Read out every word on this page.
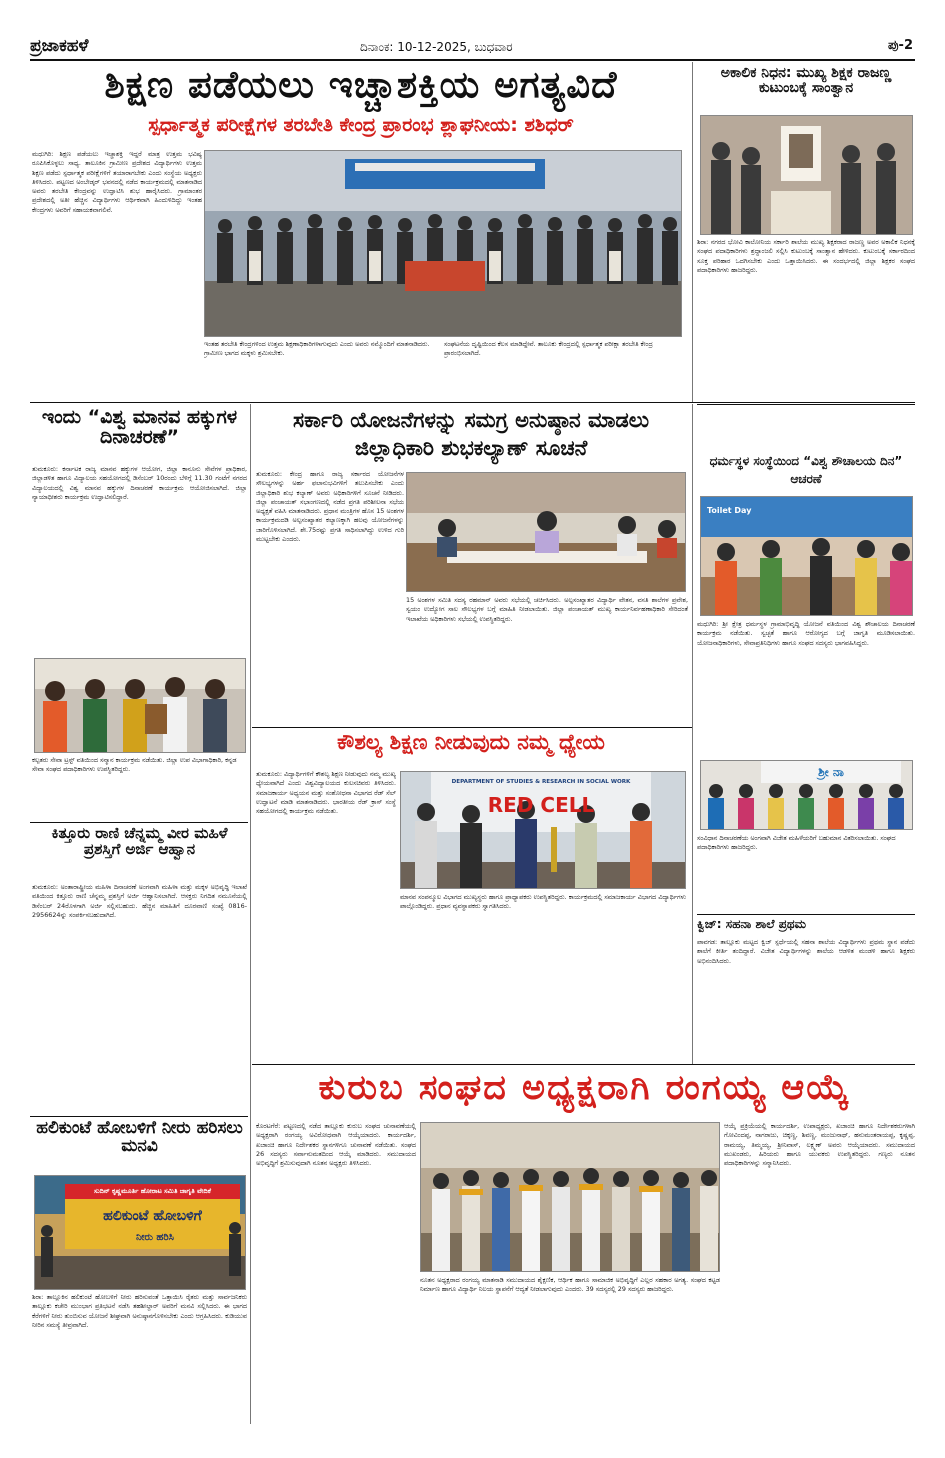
ಪ್ರಜಾಕಹಳೆ	ದಿನಾಂಕ: 10-12-2025, ಬುಧವಾರ	ಪು-2
ಶಿಕ್ಷಣ ಪಡೆಯಲು ಇಚ್ಚಾಶಕ್ತಿಯ ಅಗತ್ಯವಿದೆ
ಸ್ಪರ್ಧಾತ್ಮಕ ಪರೀಕ್ಷೆಗಳ ತರಬೇತಿ ಕೇಂದ್ರ ಪ್ರಾರಂಭ ಶ್ಲಾಘನೀಯ: ಶಶಿಧರ್
ಮಧುಗಿರಿ: ಶಿಕ್ಷಣ ಪಡೆಯಲು ಇಚ್ಚಾಶಕ್ತಿ ಇದ್ದರೆ ಮಾತ್ರ ಉತ್ತಮ ಭವಿಷ್ಯ ರೂಪಿಸಿಕೊಳ್ಳಲು ಸಾಧ್ಯ. ತಾಲೂಕಿನ ಗ್ರಾಮೀಣ ಪ್ರದೇಶದ ವಿದ್ಯಾರ್ಥಿಗಳು ಉತ್ತಮ ಶಿಕ್ಷಣ ಪಡೆದು ಸ್ಪರ್ಧಾತ್ಮಕ ಪರೀಕ್ಷೆಗಳಿಗೆ ತಯಾರಾಗಬೇಕು ಎಂದು ಸಂಸ್ಥೆಯ ಅಧ್ಯಕ್ಷರು ತಿಳಿಸಿದರು. ಪಟ್ಟಣದ ಅಂಬೇಡ್ಕರ್ ಭವನದಲ್ಲಿ ನಡೆದ ಕಾರ್ಯಕ್ರಮದಲ್ಲಿ ಮಾತನಾಡಿದ ಅವರು ತರಬೇತಿ ಕೇಂದ್ರವನ್ನು ಉದ್ಘಾಟಿಸಿ ಶುಭ ಹಾರೈಸಿದರು. ಗ್ರಾಮಾಂತರ ಪ್ರದೇಶದಲ್ಲಿ ಅತೀ ಹೆಚ್ಚಿನ ವಿದ್ಯಾರ್ಥಿಗಳು ಆರ್ಥಿಕವಾಗಿ ಹಿಂದುಳಿದಿದ್ದು ಇಂತಹ ಕೇಂದ್ರಗಳು ಅವರಿಗೆ ಸಹಾಯಕವಾಗಲಿವೆ.
ಇಂತಹ ತರಬೇತಿ ಕೇಂದ್ರಗಳಿಂದ ಉತ್ತಮ ಶಿಕ್ಷಣಾಧಿಕಾರಿಗಳಾಗುವುದು ಎಂದು ಅವರು ನಮ್ಮೊಂದಿಗೆ ಮಾತನಾಡಿದರು. ಗ್ರಾಮೀಣ ಭಾಗದ ಮಕ್ಕಳು ಶ್ರಮಿಸಬೇಕು.
ಸಂಘಟನೆಯ ದೃಷ್ಟಿಯಿಂದ ಕೆಲಸ ಮಾಡಿದ್ದೇವೆ. ತಾಲೂಕು ಕೇಂದ್ರದಲ್ಲಿ ಸ್ಪರ್ಧಾತ್ಮಕ ಪರೀಕ್ಷಾ ತರಬೇತಿ ಕೇಂದ್ರ ಪ್ರಾರಂಭಿಸಲಾಗಿದೆ.
ಅಕಾಲಿಕ ನಿಧನ: ಮುಖ್ಯ ಶಿಕ್ಷಕ ರಾಜಣ್ಣ ಕುಟುಂಬಕ್ಕೆ ಸಾಂತ್ವಾನ
ಶಿರಾ: ನಗರದ ಭೋವಿ ಕಾಲೋನಿಯ ಸರ್ಕಾರಿ ಶಾಲೆಯ ಮುಖ್ಯ ಶಿಕ್ಷಕರಾದ ರಾಜಣ್ಣ ಅವರ ಅಕಾಲಿಕ ನಿಧನಕ್ಕೆ ಸಂಘದ ಪದಾಧಿಕಾರಿಗಳು ಶ್ರದ್ಧಾಂಜಲಿ ಸಲ್ಲಿಸಿ ಕುಟುಂಬಕ್ಕೆ ಸಾಂತ್ವಾನ ಹೇಳಿದರು. ಕುಟುಂಬಕ್ಕೆ ಸರ್ಕಾರದಿಂದ ಸೂಕ್ತ ಪರಿಹಾರ ಒದಗಿಸಬೇಕು ಎಂದು ಒತ್ತಾಯಿಸಿದರು. ಈ ಸಂದರ್ಭದಲ್ಲಿ ಜಿಲ್ಲಾ ಶಿಕ್ಷಕರ ಸಂಘದ ಪದಾಧಿಕಾರಿಗಳು ಹಾಜರಿದ್ದರು.
ಇಂದು “ವಿಶ್ವ ಮಾನವ ಹಕ್ಕುಗಳ ದಿನಾಚರಣೆ”
ತುಮಕೂರು: ಕರ್ನಾಟಕ ರಾಜ್ಯ ಮಾನವ ಹಕ್ಕುಗಳ ಆಯೋಗ, ಜಿಲ್ಲಾ ಕಾನೂನು ಸೇವೆಗಳ ಪ್ರಾಧಿಕಾರ, ಜಿಲ್ಲಾಡಳಿತ ಹಾಗೂ ವಿದ್ಯಾಲಯ ಸಹಯೋಗದಲ್ಲಿ ಡಿಸೆಂಬರ್ 10ರಂದು ಬೆಳಿಗ್ಗೆ 11.30 ಗಂಟೆಗೆ ನಗರದ ವಿದ್ಯಾಲಯದಲ್ಲಿ ವಿಶ್ವ ಮಾನವ ಹಕ್ಕುಗಳ ದಿನಾಚರಣೆ ಕಾರ್ಯಕ್ರಮ ಆಯೋಜಿಸಲಾಗಿದೆ. ಜಿಲ್ಲಾ ನ್ಯಾಯಾಧೀಶರು ಕಾರ್ಯಕ್ರಮ ಉದ್ಘಾಟಿಸಲಿದ್ದಾರೆ.
ಕಲ್ಪತರು ಸೇವಾ ಟ್ರಸ್ಟ್ ವತಿಯಿಂದ ಸನ್ಮಾನ ಕಾರ್ಯಕ್ರಮ ನಡೆಯಿತು. ಜಿಲ್ಲಾ ಉಪ ವಿಭಾಗಾಧಿಕಾರಿ, ಕನ್ನಡ ಸೇವಾ ಸಂಘದ ಪದಾಧಿಕಾರಿಗಳು ಉಪಸ್ಥಿತರಿದ್ದರು.
ಕಿತ್ತೂರು ರಾಣಿ ಚೆನ್ನಮ್ಮ ವೀರ ಮಹಿಳೆ ಪ್ರಶಸ್ತಿಗೆ ಅರ್ಜಿ ಆಹ್ವಾನ
ತುಮಕೂರು: ಅಂತಾರಾಷ್ಟ್ರೀಯ ಮಹಿಳಾ ದಿನಾಚರಣೆ ಅಂಗವಾಗಿ ಮಹಿಳಾ ಮತ್ತು ಮಕ್ಕಳ ಅಭಿವೃದ್ಧಿ ಇಲಾಖೆ ವತಿಯಿಂದ ಕಿತ್ತೂರು ರಾಣಿ ಚೆನ್ನಮ್ಮ ಪ್ರಶಸ್ತಿಗೆ ಅರ್ಜಿ ಆಹ್ವಾನಿಸಲಾಗಿದೆ. ಆಸಕ್ತರು ನಿಗದಿತ ನಮೂನೆಯಲ್ಲಿ ಡಿಸೆಂಬರ್ 24ರೊಳಗಾಗಿ ಅರ್ಜಿ ಸಲ್ಲಿಸಬಹುದು. ಹೆಚ್ಚಿನ ಮಾಹಿತಿಗೆ ದೂರವಾಣಿ ಸಂಖ್ಯೆ 0816-2956624ನ್ನು ಸಂಪರ್ಕಿಸಬಹುದಾಗಿದೆ.
ಹಲಿಕುಂಟೆ ಹೋಬಳಿಗೆ ನೀರು ಹರಿಸಲು ಮನವಿ
ಸುದಿನ್‌ ಕೃಷ್ಣಮೂರ್ತಿ ಹೋರಾಟ ಸಮಿತಿ ಜಾಗೃತಿ ವೇದಿಕೆ
ಹಲಿಕುಂಟೆ ಹೋಬಳಿಗೆ
ನೀರು ಹರಿಸಿ
ಶಿರಾ: ತಾಲ್ಲೂಕಿನ ಹಲಿಕುಂಟೆ ಹೋಬಳಿಗೆ ನೀರು ಹರಿಸುವಂತೆ ಒತ್ತಾಯಿಸಿ ರೈತರು ಮತ್ತು ಸಾರ್ವಜನಿಕರು ತಾಲ್ಲೂಕು ಕಚೇರಿ ಮುಂಭಾಗ ಪ್ರತಿಭಟನೆ ನಡೆಸಿ ತಹಶೀಲ್ದಾರ್ ಅವರಿಗೆ ಮನವಿ ಸಲ್ಲಿಸಿದರು. ಈ ಭಾಗದ ಕೆರೆಗಳಿಗೆ ನೀರು ತುಂಬಿಸುವ ಯೋಜನೆ ಶೀಘ್ರವಾಗಿ ಅನುಷ್ಠಾನಗೊಳಿಸಬೇಕು ಎಂದು ಆಗ್ರಹಿಸಿದರು. ಕುಡಿಯುವ ನೀರಿನ ಸಮಸ್ಯೆ ತೀವ್ರವಾಗಿದೆ.
ಸರ್ಕಾರಿ ಯೋಜನೆಗಳನ್ನು ಸಮಗ್ರ ಅನುಷ್ಠಾನ ಮಾಡಲು ಜಿಲ್ಲಾಧಿಕಾರಿ ಶುಭಕಲ್ಯಾಣ್ ಸೂಚನೆ
ತುಮಕೂರು: ಕೇಂದ್ರ ಹಾಗೂ ರಾಜ್ಯ ಸರ್ಕಾರದ ಯೋಜನೆಗಳ ಸೌಲಭ್ಯಗಳನ್ನು ಅರ್ಹ ಫಲಾನುಭವಿಗಳಿಗೆ ತಲುಪಿಸಬೇಕು ಎಂದು ಜಿಲ್ಲಾಧಿಕಾರಿ ಶುಭ ಕಲ್ಯಾಣ್ ಅವರು ಅಧಿಕಾರಿಗಳಿಗೆ ಸೂಚನೆ ನೀಡಿದರು. ಜಿಲ್ಲಾ ಪಂಚಾಯತ್ ಸಭಾಂಗಣದಲ್ಲಿ ನಡೆದ ಪ್ರಗತಿ ಪರಿಶೀಲನಾ ಸಭೆಯ ಅಧ್ಯಕ್ಷತೆ ವಹಿಸಿ ಮಾತನಾಡಿದರು. ಪ್ರಧಾನ ಮಂತ್ರಿಗಳ ಹೊಸ 15 ಅಂಶಗಳ ಕಾರ್ಯಕ್ರಮದಡಿ ಅಲ್ಪಸಂಖ್ಯಾತರ ಕಲ್ಯಾಣಕ್ಕಾಗಿ ಹಲವು ಯೋಜನೆಗಳನ್ನು ಜಾರಿಗೊಳಿಸಲಾಗಿದೆ. ಶೇ.75ರಷ್ಟು ಪ್ರಗತಿ ಸಾಧಿಸಲಾಗಿದ್ದು ಉಳಿದ ಗುರಿ ಮುಟ್ಟಬೇಕು ಎಂದರು.
15 ಅಂಶಗಳ ಸಮಿತಿ ಸದಸ್ಯ ರಹಮಾನ್ ಅವರು ಸಭೆಯಲ್ಲಿ ಚರ್ಚಿಸಿದರು. ಅಲ್ಪಸಂಖ್ಯಾತರ ವಿದ್ಯಾರ್ಥಿ ವೇತನ, ವಸತಿ ಶಾಲೆಗಳ ಪ್ರವೇಶ, ಸ್ವಯಂ ಉದ್ಯೋಗ ಸಾಲ ಸೌಲಭ್ಯಗಳ ಬಗ್ಗೆ ಮಾಹಿತಿ ನೀಡಲಾಯಿತು. ಜಿಲ್ಲಾ ಪಂಚಾಯತ್ ಮುಖ್ಯ ಕಾರ್ಯನಿರ್ವಹಣಾಧಿಕಾರಿ ಸೇರಿದಂತೆ ಇಲಾಖೆಯ ಅಧಿಕಾರಿಗಳು ಸಭೆಯಲ್ಲಿ ಉಪಸ್ಥಿತರಿದ್ದರು.
ಕೌಶಲ್ಯ ಶಿಕ್ಷಣ ನೀಡುವುದು ನಮ್ಮ ಧ್ಯೇಯ
ತುಮಕೂರು: ವಿದ್ಯಾರ್ಥಿಗಳಿಗೆ ಕೌಶಲ್ಯ ಶಿಕ್ಷಣ ನೀಡುವುದು ನಮ್ಮ ಮುಖ್ಯ ಧ್ಯೇಯವಾಗಿದೆ ಎಂದು ವಿಶ್ವವಿದ್ಯಾಲಯದ ಕುಲಸಚಿವರು ತಿಳಿಸಿದರು. ಸಮಾಜಕಾರ್ಯ ಅಧ್ಯಯನ ಮತ್ತು ಸಂಶೋಧನಾ ವಿಭಾಗದ ರೆಡ್ ಸೆಲ್ ಉದ್ಘಾಟನೆ ಮಾಡಿ ಮಾತನಾಡಿದರು. ಭಾರತೀಯ ರೆಡ್ ಕ್ರಾಸ್ ಸಂಸ್ಥೆ ಸಹಯೋಗದಲ್ಲಿ ಕಾರ್ಯಕ್ರಮ ನಡೆಯಿತು.
DEPARTMENT OF STUDIES & RESEARCH IN SOCIAL WORK
RED CELL
ಮಾನವ ಸಂಪನ್ಮೂಲ ವಿಭಾಗದ ಮುಖ್ಯಸ್ಥರು ಹಾಗೂ ಪ್ರಾಧ್ಯಾಪಕರು ಉಪಸ್ಥಿತರಿದ್ದರು. ಕಾರ್ಯಕ್ರಮದಲ್ಲಿ ಸಮಾಜಕಾರ್ಯ ವಿಭಾಗದ ವಿದ್ಯಾರ್ಥಿಗಳು ಪಾಲ್ಗೊಂಡಿದ್ದರು. ಪ್ರಧಾನ ವ್ಯವಸ್ಥಾಪಕರು ಸ್ವಾಗತಿಸಿದರು.
ಧರ್ಮಸ್ಥಳ ಸಂಸ್ಥೆಯಿಂದ “ವಿಶ್ವ ಶೌಚಾಲಯ ದಿನ” ಆಚರಣೆ
Toilet Day
ಮಧುಗಿರಿ: ಶ್ರೀ ಕ್ಷೇತ್ರ ಧರ್ಮಸ್ಥಳ ಗ್ರಾಮಾಭಿವೃದ್ಧಿ ಯೋಜನೆ ವತಿಯಿಂದ ವಿಶ್ವ ಶೌಚಾಲಯ ದಿನಾಚರಣೆ ಕಾರ್ಯಕ್ರಮ ನಡೆಯಿತು. ಸ್ವಚ್ಛತೆ ಹಾಗೂ ಆರೋಗ್ಯದ ಬಗ್ಗೆ ಜಾಗೃತಿ ಮೂಡಿಸಲಾಯಿತು. ಯೋಜನಾಧಿಕಾರಿಗಳು, ಸೇವಾಪ್ರತಿನಿಧಿಗಳು ಹಾಗೂ ಸಂಘದ ಸದಸ್ಯರು ಭಾಗವಹಿಸಿದ್ದರು.
ಶ್ರೀ ನಾ
ಸಂವಿಧಾನ ದಿನಾಚರಣೆಯ ಅಂಗವಾಗಿ ವಿಜೇತ ಮಹಿಳೆಯರಿಗೆ ಬಹುಮಾನ ವಿತರಿಸಲಾಯಿತು. ಸಂಘದ ಪದಾಧಿಕಾರಿಗಳು ಹಾಜರಿದ್ದರು.
ಕ್ವಿಜ್: ಸಹನಾ ಶಾಲೆ ಪ್ರಥಮ
ಪಾವಗಡ: ತಾಲ್ಲೂಕು ಮಟ್ಟದ ಕ್ವಿಜ್ ಸ್ಪರ್ಧೆಯಲ್ಲಿ ಸಹನಾ ಶಾಲೆಯ ವಿದ್ಯಾರ್ಥಿಗಳು ಪ್ರಥಮ ಸ್ಥಾನ ಪಡೆದು ಶಾಲೆಗೆ ಕೀರ್ತಿ ತಂದಿದ್ದಾರೆ. ವಿಜೇತ ವಿದ್ಯಾರ್ಥಿಗಳನ್ನು ಶಾಲೆಯ ಆಡಳಿತ ಮಂಡಳಿ ಹಾಗೂ ಶಿಕ್ಷಕರು ಅಭಿನಂದಿಸಿದರು.
ಕುರುಬ ಸಂಘದ ಅಧ್ಯಕ್ಷರಾಗಿ ರಂಗಯ್ಯ ಆಯ್ಕೆ
ಕೊರಟಗೆರೆ: ಪಟ್ಟಣದಲ್ಲಿ ನಡೆದ ತಾಲ್ಲೂಕು ಕುರುಬ ಸಂಘದ ಚುನಾವಣೆಯಲ್ಲಿ ಅಧ್ಯಕ್ಷರಾಗಿ ರಂಗಯ್ಯ ಅವಿರೋಧವಾಗಿ ಆಯ್ಕೆಯಾದರು. ಕಾರ್ಯದರ್ಶಿ, ಖಜಾಂಚಿ ಹಾಗೂ ನಿರ್ದೇಶಕರ ಸ್ಥಾನಗಳಿಗೂ ಚುನಾವಣೆ ನಡೆಯಿತು. ಸಂಘದ 26 ಸದಸ್ಯರು ಸರ್ವಾನುಮತದಿಂದ ಆಯ್ಕೆ ಮಾಡಿದರು. ಸಮುದಾಯದ ಅಭಿವೃದ್ಧಿಗೆ ಶ್ರಮಿಸುವುದಾಗಿ ನೂತನ ಅಧ್ಯಕ್ಷರು ತಿಳಿಸಿದರು.
ನೂತನ ಅಧ್ಯಕ್ಷರಾದ ರಂಗಯ್ಯ ಮಾತನಾಡಿ ಸಮುದಾಯದ ಶೈಕ್ಷಣಿಕ, ಆರ್ಥಿಕ ಹಾಗೂ ಸಾಮಾಜಿಕ ಅಭಿವೃದ್ಧಿಗೆ ಎಲ್ಲರ ಸಹಕಾರ ಅಗತ್ಯ. ಸಂಘದ ಕಟ್ಟಡ ನಿರ್ಮಾಣ ಹಾಗೂ ವಿದ್ಯಾರ್ಥಿ ನಿಲಯ ಸ್ಥಾಪನೆಗೆ ಆದ್ಯತೆ ನೀಡಲಾಗುವುದು ಎಂದರು. 39 ಸದಸ್ಯರಲ್ಲಿ 29 ಸದಸ್ಯರು ಹಾಜರಿದ್ದರು.
ಆಯ್ಕೆ ಪ್ರಕ್ರಿಯೆಯಲ್ಲಿ ಕಾರ್ಯದರ್ಶಿ, ಉಪಾಧ್ಯಕ್ಷರು, ಖಜಾಂಚಿ ಹಾಗೂ ನಿರ್ದೇಶಕರುಗಳಾಗಿ ಗೋವಿಂದಪ್ಪ, ನಾಗರಾಜು, ಚಿಕ್ಕಣ್ಣ, ಶಿವಣ್ಣ, ಮಂಜುನಾಥ್, ಹನುಮಂತರಾಯಪ್ಪ, ಕೃಷ್ಣಪ್ಪ, ರಾಮಯ್ಯ, ತಿಮ್ಮಯ್ಯ, ಶ್ರೀನಿವಾಸ್, ಲಕ್ಷ್ಮಣ್ ಅವರು ಆಯ್ಕೆಯಾದರು. ಸಮುದಾಯದ ಮುಖಂಡರು, ಹಿರಿಯರು ಹಾಗೂ ಯುವಕರು ಉಪಸ್ಥಿತರಿದ್ದರು. ಗಣ್ಯರು ನೂತನ ಪದಾಧಿಕಾರಿಗಳನ್ನು ಸನ್ಮಾನಿಸಿದರು.
